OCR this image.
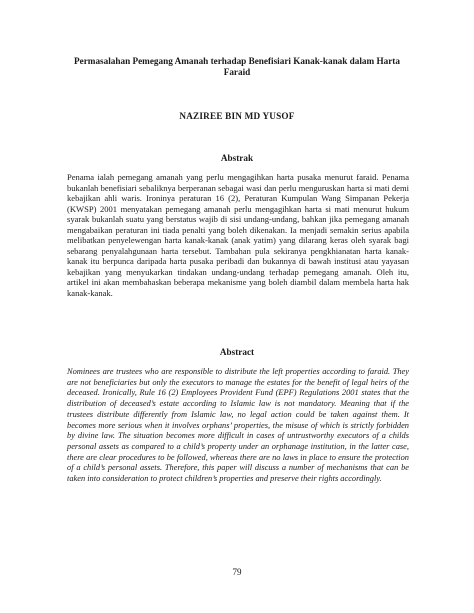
Permasalahan Pemegang Amanah terhadap Benefisiari Kanak-kanak dalam Harta Faraid
NAZIREE BIN MD YUSOF
Abstrak
Penama ialah pemegang amanah yang perlu mengagihkan harta pusaka menurut faraid. Penama bukanlah benefisiari sebaliknya berperanan sebagai wasi dan perlu menguruskan harta si mati demi kebajikan ahli waris. Ironinya peraturan 16 (2), Peraturan Kumpulan Wang Simpanan Pekerja (KWSP) 2001 menyatakan pemegang amanah perlu mengagihkan harta si mati menurut hukum syarak bukanlah suatu yang berstatus wajib di sisi undang-undang, bahkan jika pemegang amanah mengabaikan peraturan ini tiada penalti yang boleh dikenakan. Ia menjadi semakin serius apabila melibatkan penyelewengan harta kanak-kanak (anak yatim) yang dilarang keras oleh syarak bagi sebarang penyalahgunaan harta tersebut. Tambahan pula sekiranya pengkhianatan harta kanak-kanak itu berpunca daripada harta pusaka peribadi dan bukannya di bawah institusi atau yayasan kebajikan yang menyukarkan tindakan undang-undang terhadap pemegang amanah. Oleh itu, artikel ini akan membahaskan beberapa mekanisme yang boleh diambil dalam membela harta hak kanak-kanak.
Abstract
Nominees are trustees who are responsible to distribute the left properties according to faraid. They are not beneficiaries but only the executors to manage the estates for the benefit of legal heirs of the deceased. Ironically, Rule 16 (2) Employees Provident Fund (EPF) Regulations 2001 states that the distribution of deceased’s estate according to Islamic law is not mandatory. Meaning that if the trustees distribute differently from Islamic law, no legal action could be taken against them. It becomes more serious when it involves orphans’ properties, the misuse of which is strictly forbidden by divine law. The situation becomes more difficult in cases of untrustworthy executors of a childs personal assets as compared to a child’s property under an orphanage institution, in the latter case, there are clear procedures to be followed, whereas there are no laws in place to ensure the protection of a child’s personal assets. Therefore, this paper will discuss a number of mechanisms that can be taken into consideration to protect children’s properties and preserve their rights accordingly.
79
